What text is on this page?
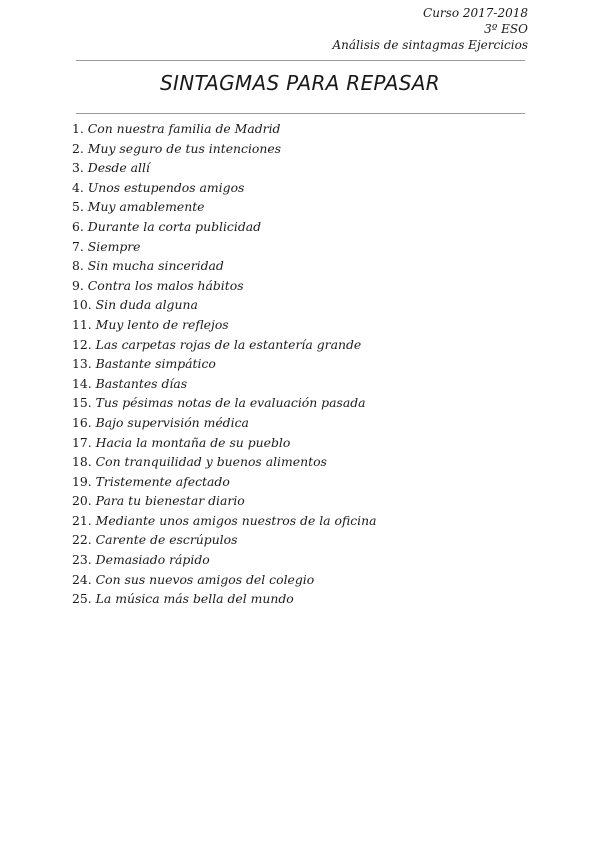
Curso 2017-2018
3º ESO
Análisis de sintagmas Ejercicios
SINTAGMAS PARA REPASAR
1. Con nuestra familia de Madrid
2. Muy seguro de tus intenciones
3. Desde allí
4. Unos estupendos amigos
5. Muy amablemente
6. Durante la corta publicidad
7. Siempre
8. Sin mucha sinceridad
9. Contra los malos hábitos
10. Sin duda alguna
11. Muy lento de reflejos
12. Las carpetas rojas de la estantería grande
13. Bastante simpático
14. Bastantes días
15. Tus pésimas notas de la evaluación pasada
16. Bajo supervisión médica
17. Hacia la montaña de su pueblo
18. Con tranquilidad y buenos alimentos
19. Tristemente afectado
20. Para tu bienestar diario
21. Mediante unos amigos nuestros de la oficina
22. Carente de escrúpulos
23. Demasiado rápido
24. Con sus nuevos amigos del colegio
25. La música más bella del mundo
